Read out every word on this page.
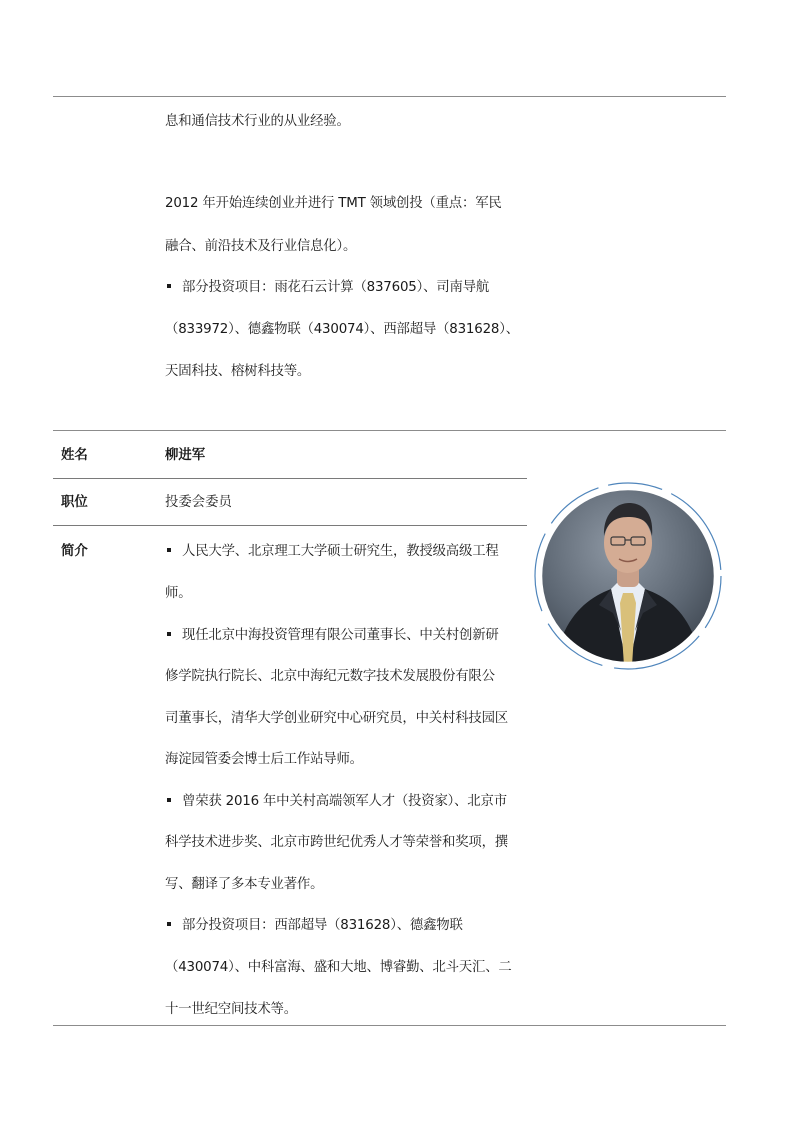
息和通信技术行业的从业经验。
2012 年开始连续创业并进行 TMT 领域创投（重点：军民
融合、前沿技术及行业信息化）。
部分投资项目：雨花石云计算（837605）、司南导航
（833972）、德鑫物联（430074）、西部超导（831628）、
天固科技、榕树科技等。
姓名	柳进军
职位	投委会委员
简介	人民大学、北京理工大学硕士研究生，教授级高级工程
师。
现任北京中海投资管理有限公司董事长、中关村创新研
修学院执行院长、北京中海纪元数字技术发展股份有限公
司董事长，清华大学创业研究中心研究员，中关村科技园区
海淀园管委会博士后工作站导师。
曾荣获 2016 年中关村高端领军人才（投资家）、北京市
科学技术进步奖、北京市跨世纪优秀人才等荣誉和奖项，撰
写、翻译了多本专业著作。
部分投资项目：西部超导（831628）、德鑫物联
（430074）、中科富海、盛和大地、博睿勤、北斗天汇、二
十一世纪空间技术等。
